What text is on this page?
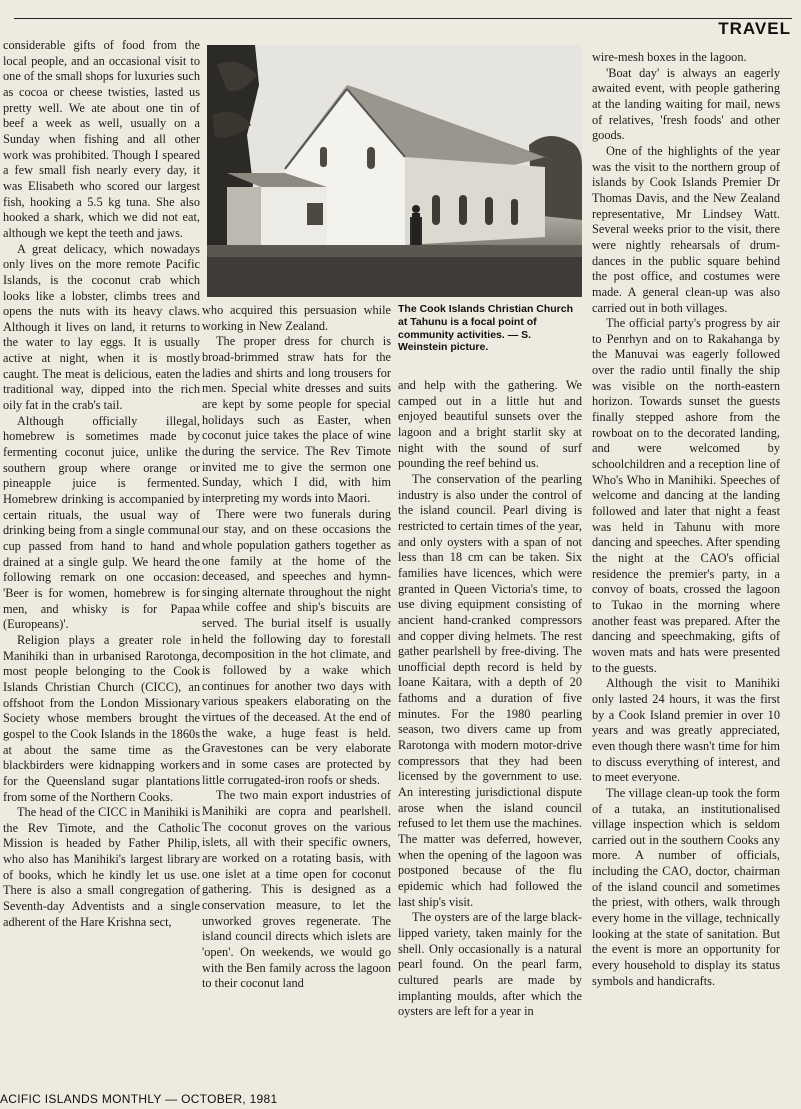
TRAVEL
The Cook Islands Christian Church at Tahunu is a focal point of community activities. — S. Weinstein picture.

considerable gifts of food from the local people, and an occasional visit to one of the small shops for luxuries such as cocoa or cheese twisties, lasted us pretty well. We ate about one tin of beef a week as well, usually on a Sunday when fishing and all other work was prohibited. Though I speared a few small fish nearly every day, it was Elisabeth who scored our largest fish, hooking a 5.5 kg tuna. She also hooked a shark, which we did not eat, although we kept the teeth and jaws.

A great delicacy, which nowadays only lives on the more remote Pacific Islands, is the coconut crab which looks like a lobster, climbs trees and opens the nuts with its heavy claws. Although it lives on land, it returns to the water to lay eggs. It is usually active at night, when it is mostly caught. The meat is delicious, eaten the traditional way, dipped into the rich oily fat in the crab's tail.

Although officially illegal, homebrew is sometimes made by fermenting coconut juice, unlike the southern group where orange or pineapple juice is fermented. Homebrew drinking is accompanied by certain rituals, the usual way of drinking being from a single communal cup passed from hand to hand and drained at a single gulp. We heard the following remark on one occasion: 'Beer is for women, homebrew is for men, and whisky is for Papaa (Europeans)'.

Religion plays a greater role in Manihiki than in urbanised Rarotonga, most people belonging to the Cook Islands Christian Church (CICC), an offshoot from the London Missionary Society whose members brought the gospel to the Cook Islands in the 1860s at about the same time as the blackbirders were kidnapping workers for the Queensland sugar plantations from some of the Northern Cooks.

The head of the CICC in Manihiki is the Rev Timote, and the Catholic Mission is headed by Father Philip, who also has Manihiki's largest library of books, which he kindly let us use. There is also a small congregation of Seventh-day Adventists and a single adherent of the Hare Krishna sect,

who acquired this persuasion while working in New Zealand.

The proper dress for church is broad-brimmed straw hats for the ladies and shirts and long trousers for men. Special white dresses and suits are kept by some people for special holidays such as Easter, when coconut juice takes the place of wine during the service. The Rev Timote invited me to give the sermon one Sunday, which I did, with him interpreting my words into Maori.

There were two funerals during our stay, and on these occasions the whole population gathers together as one family at the home of the deceased, and speeches and hymn-singing alternate throughout the night while coffee and ship's biscuits are served. The burial itself is usually held the following day to forestall decomposition in the hot climate, and is followed by a wake which continues for another two days with various speakers elaborating on the virtues of the deceased. At the end of the wake, a huge feast is held. Gravestones can be very elaborate and in some cases are protected by little corrugated-iron roofs or sheds.

The two main export industries of Manihiki are copra and pearlshell. The coconut groves on the various islets, all with their specific owners, are worked on a rotating basis, with one islet at a time open for coconut gathering. This is designed as a conservation measure, to let the unworked groves regenerate. The island council directs which islets are 'open'. On weekends, we would go with the Ben family across the lagoon to their coconut land

and help with the gathering. We camped out in a little hut and enjoyed beautiful sunsets over the lagoon and a bright starlit sky at night with the sound of surf pounding the reef behind us.

The conservation of the pearling industry is also under the control of the island council. Pearl diving is restricted to certain times of the year, and only oysters with a span of not less than 18 cm can be taken. Six families have licences, which were granted in Queen Victoria's time, to use diving equipment consisting of ancient hand-cranked compressors and copper diving helmets. The rest gather pearlshell by free-diving. The unofficial depth record is held by Ioane Kaitara, with a depth of 20 fathoms and a duration of five minutes. For the 1980 pearling season, two divers came up from Rarotonga with modern motor-drive compressors that they had been licensed by the government to use. An interesting jurisdictional dispute arose when the island council refused to let them use the machines. The matter was deferred, however, when the opening of the lagoon was postponed because of the flu epidemic which had followed the last ship's visit.

The oysters are of the large black-lipped variety, taken mainly for the shell. Only occasionally is a natural pearl found. On the pearl farm, cultured pearls are made by implanting moulds, after which the oysters are left for a year in

wire-mesh boxes in the lagoon.

'Boat day' is always an eagerly awaited event, with people gathering at the landing waiting for mail, news of relatives, 'fresh foods' and other goods.

One of the highlights of the year was the visit to the northern group of islands by Cook Islands Premier Dr Thomas Davis, and the New Zealand representative, Mr Lindsey Watt. Several weeks prior to the visit, there were nightly rehearsals of drum-dances in the public square behind the post office, and costumes were made. A general clean-up was also carried out in both villages.

The official party's progress by air to Penrhyn and on to Rakahanga by the Manuvai was eagerly followed over the radio until finally the ship was visible on the north-eastern horizon. Towards sunset the guests finally stepped ashore from the rowboat on to the decorated landing, and were welcomed by schoolchildren and a reception line of Who's Who in Manihiki. Speeches of welcome and dancing at the landing followed and later that night a feast was held in Tahunu with more dancing and speeches. After spending the night at the CAO's official residence the premier's party, in a convoy of boats, crossed the lagoon to Tukao in the morning where another feast was prepared. After the dancing and speechmaking, gifts of woven mats and hats were presented to the guests.

Although the visit to Manihiki only lasted 24 hours, it was the first by a Cook Island premier in over 10 years and was greatly appreciated, even though there wasn't time for him to discuss everything of interest, and to meet everyone.

The village clean-up took the form of a tutaka, an institutionalised village inspection which is seldom carried out in the southern Cooks any more. A number of officials, including the CAO, doctor, chairman of the island council and sometimes the priest, with others, walk through every home in the village, technically looking at the state of sanitation. But the event is more an opportunity for every household to display its status symbols and handicrafts.

ACIFIC ISLANDS MONTHLY — OCTOBER, 1981
